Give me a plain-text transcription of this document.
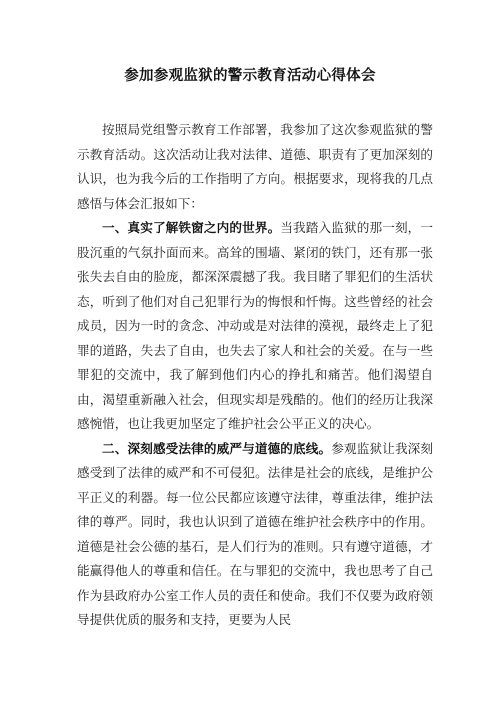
参加参观监狱的警示教育活动心得体会

按照局党组警示教育工作部署，我参加了这次参观监狱的警示教育活动。这次活动让我对法律、道德、职责有了更加深刻的认识，也为我今后的工作指明了方向。根据要求，现将我的几点感悟与体会汇报如下：

一、真实了解铁窗之内的世界。当我踏入监狱的那一刻，一股沉重的气氛扑面而来。高耸的围墙、紧闭的铁门，还有那一张张失去自由的脸庞，都深深震撼了我。我目睹了罪犯们的生活状态，听到了他们对自己犯罪行为的悔恨和忏悔。这些曾经的社会成员，因为一时的贪念、冲动或是对法律的漠视，最终走上了犯罪的道路，失去了自由，也失去了家人和社会的关爱。在与一些罪犯的交流中，我了解到他们内心的挣扎和痛苦。他们渴望自由，渴望重新融入社会，但现实却是残酷的。他们的经历让我深感惋惜，也让我更加坚定了维护社会公平正义的决心。

二、深刻感受法律的威严与道德的底线。参观监狱让我深刻感受到了法律的威严和不可侵犯。法律是社会的底线，是维护公平正义的利器。每一位公民都应该遵守法律，尊重法律，维护法律的尊严。同时，我也认识到了道德在维护社会秩序中的作用。道德是社会公德的基石，是人们行为的准则。只有遵守道德，才能赢得他人的尊重和信任。在与罪犯的交流中，我也思考了自己作为县政府办公室工作人员的责任和使命。我们不仅要为政府领导提供优质的服务和支持，更要为人民
